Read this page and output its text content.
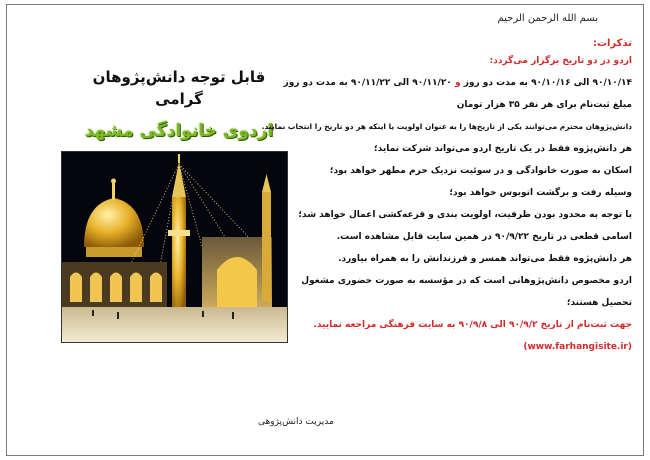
بسم الله الرحمن الرحيم
قابل توجه دانش‌پژوهان گرامی
اردوی خانوادگی مشهد

تذکرات:

اردو در دو تاریخ برگزار می‌گردد:

۹۰/۱۰/۱۴ الی ۹۰/۱۰/۱۶ به مدت دو روز و ۹۰/۱۱/۲۰ الی ۹۰/۱۱/۲۲ به مدت دو روز

مبلغ ثبت‌نام برای هر نفر ۳۵ هزار تومان

دانش‌پژوهان محترم می‌توانند یکی از تاریخ‌ها را به عنوان اولویت یا اینکه هر دو تاریخ را انتخاب نمایند.

هر دانش‌پژوه فقط در یک تاریخ اردو می‌تواند شرکت نماید؛

اسکان به صورت خانوادگی و در سوئیت نزدیک حرم مطهر خواهد بود؛

وسیله رفت و برگشت اتوبوس خواهد بود؛

با توجه به محدود بودن ظرفیت، اولویت بندی و قرعه‌کشی اعمال خواهد شد؛

اسامی قطعی در تاریخ ۹۰/۹/۲۲ در همین سایت قابل مشاهده است.

هر دانش‌پژوه فقط می‌تواند همسر و فرزندانش را به همراه بیاورد.

اردو مخصوص دانش‌پژوهانی است که در مؤسسه به صورت حضوری مشغول

تحصیل هستند؛

جهت ثبت‌نام از تاریخ ۹۰/۹/۲ الی ۹۰/۹/۸ به سایت فرهنگی مراجعه نمایید.

(www.farhangisite.ir)

مدیریت دانش‌پژوهی
